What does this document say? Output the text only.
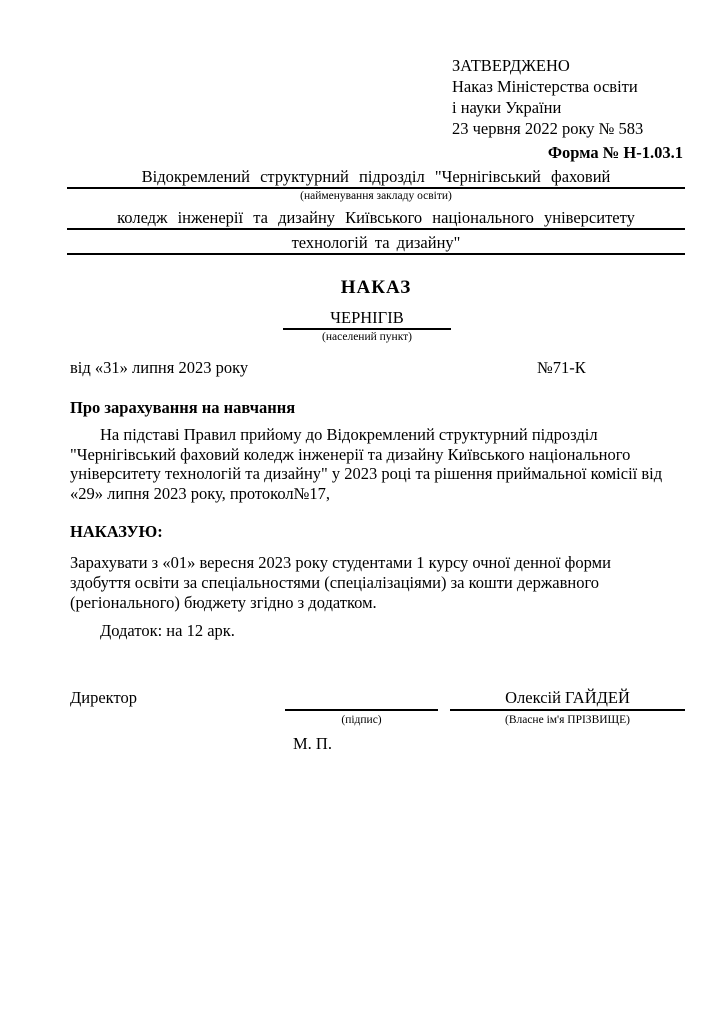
ЗАТВЕРДЖЕНО
Наказ Міністерства освіти
і науки України
23 червня 2022 року № 583
Форма № Н-1.03.1
Відокремлений структурний підрозділ "Чернігівський фаховий
(найменування закладу освіти)
коледж інженерії та дизайну Київського національного університету
технологій та дизайну"
НАКАЗ
ЧЕРНІГІВ
(населений пункт)
від «31» липня 2023 року	№71-К
Про зарахування на навчання

На підставі Правил прийому до Відокремлений структурний підрозділ "Чернігівський фаховий коледж інженерії та дизайну Київського національного університету технологій та дизайну" у 2023 році та рішення приймальної комісії від «29» липня 2023 року, протокол№17,

НАКАЗУЮ:

Зарахувати з «01» вересня 2023 року студентами 1 курсу очної денної форми здобуття освіти за спеціальностями (спеціалізаціями) за кошти державного (регіонального) бюджету згідно з додатком.

Додаток: на 12 арк.
Директор	Олексій ГАЙДЕЙ
(підпис)	(Власне ім'я ПРІЗВИЩЕ)
М. П.
